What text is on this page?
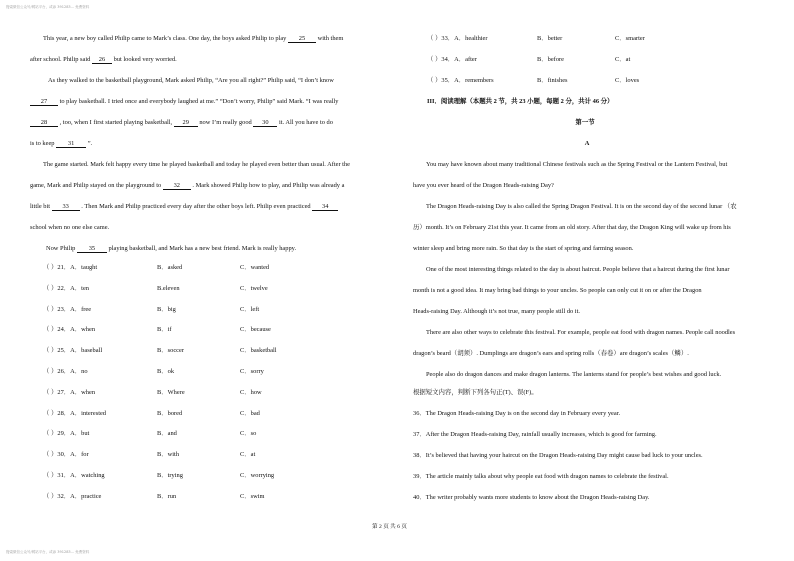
搜索微信公众号/网站平台，或添 391283… 免费资料
搜索微信公众号/网站平台，或添 391283… 免费资料
This year, a new boy called Philip came to Mark’s class. One day, the boys asked Philip to play 25 with them
after school. Philip said 26 but looked very worried.
As they walked to the basketball playground, Mark asked Philip, “Are you all right?” Philip said, “I don’t know
27 to play basketball. I tried once and everybody laughed at me.” “Don’t worry, Philip” said Mark. “I was really
28 , too, when I first started playing basketball, 29 now I’m really good 30 it. All you have to do
is to keep 31 ”.
The game started. Mark felt happy every time he played basketball and today he played even better than usual. After the
game, Mark and Philip stayed on the playground to 32 . Mark showed Philip how to play, and Philip was already a
little bit 33 . Then Mark and Philip practiced every day after the other boys left. Philip even practiced 34
school when no one else came.
Now Philip 35 playing basketball, and Mark has a new best friend. Mark is really happy.
（ ）21．A．taught	B．asked	C．wanted
（ ）22．A．ten	B.eleven	C．twelve
（ ）23．A．free	B．big	C．left
（ ）24．A．when	B．if	C．because
（ ）25．A．baseball	B．soccer	C．basketball
（ ）26．A．no	B．ok	C．sorry
（ ）27．A．when	B．Where	C．how
（ ）28．A．interested	B．bored	C．bad
（ ）29．A．but	B．and	C．so
（ ）30．A．for	B．with	C．at
（ ）31．A．watching	B．trying	C．worrying
（ ）32．A．practice	B．run	C．swim
（ ）33．A．healthier	B．better	C．smarter
（ ）34．A．after	B．before	C．at
（ ）35．A．remembers	B．finishes	C．loves
III．阅读理解（本题共 2 节，共 23 小题，每题 2 分，共计 46 分）
第一节
A
You may have known about many traditional Chinese festivals such as the Spring Festival or the Lantern Festival, but
have you ever heard of the Dragon Heads-raising Day?
The Dragon Heads-raising Day is also called the Spring Dragon Festival. It is on the second day of the second lunar （农
历）month. It’s on February 21st this year. It came from an old story. After that day, the Dragon King will wake up from his
winter sleep and bring more rain. So that day is the start of spring and farming season.
One of the most interesting things related to the day is about haircut. People believe that a haircut during the first lunar
month is not a good idea. It may bring bad things to your uncles. So people can only cut it on or after the Dragon
Heads-raising Day. Although it’s not true, many people still do it.
There are also other ways to celebrate this festival. For example, people eat food with dragon names. People call noodles
dragon’s beard（胡须）. Dumplings are dragon’s ears and spring rolls（春卷）are dragon’s scales（鳞）.
People also do dragon dances and make dragon lanterns. The lanterns stand for people’s best wishes and good luck.
根据短文内容，判断下列各句正(T)、误(F)。
36．The Dragon Heads-raising Day is on the second day in February every year.
37．After the Dragon Heads-raising Day, rainfall usually increases, which is good for farming.
38．It’s believed that having your haircut on the Dragon Heads-raising Day might cause bad luck to your uncles.
39．The article mainly talks about why people eat food with dragon names to celebrate the festival.
40．The writer probably wants more students to know about the Dragon Heads-raising Day.
第 2 页 共 6 页
